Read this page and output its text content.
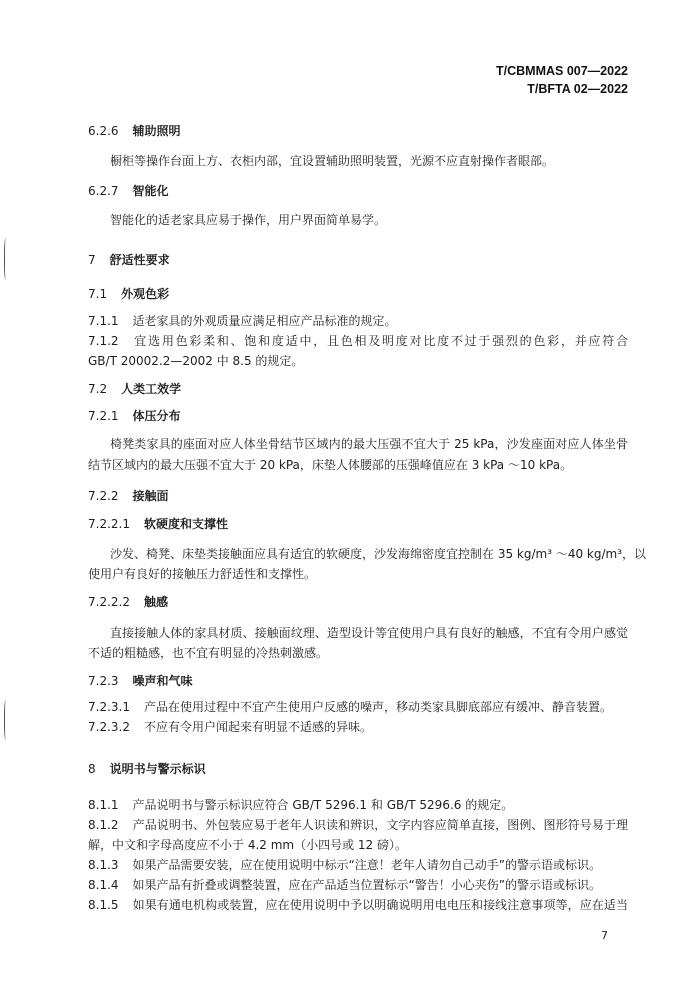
T/CBMMAS 007—2022
T/BFTA 02—2022
6.2.6 辅助照明
橱柜等操作台面上方、衣柜内部，宜设置辅助照明装置，光源不应直射操作者眼部。
6.2.7 智能化
智能化的适老家具应易于操作，用户界面简单易学。
7 舒适性要求
7.1 外观色彩
7.1.1 适老家具的外观质量应满足相应产品标准的规定。
7.1.2 宜选用色彩柔和、饱和度适中，且色相及明度对比度不过于强烈的色彩，并应符合
GB/T 20002.2—2002 中 8.5 的规定。
7.2 人类工效学
7.2.1 体压分布
椅凳类家具的座面对应人体坐骨结节区域内的最大压强不宜大于 25 kPa，沙发座面对应人体坐骨
结节区域内的最大压强不宜大于 20 kPa，床垫人体腰部的压强峰值应在 3 kPa ～10 kPa。
7.2.2 接触面
7.2.2.1 软硬度和支撑性
沙发、椅凳、床垫类接触面应具有适宜的软硬度，沙发海绵密度宜控制在 35 kg/m³ ～40 kg/m³，以
使用户有良好的接触压力舒适性和支撑性。
7.2.2.2 触感
直接接触人体的家具材质、接触面纹理、造型设计等宜使用户具有良好的触感，不宜有令用户感觉
不适的粗糙感，也不宜有明显的冷热刺激感。
7.2.3 噪声和气味
7.2.3.1 产品在使用过程中不宜产生使用户反感的噪声，移动类家具脚底部应有缓冲、静音装置。
7.2.3.2 不应有令用户闻起来有明显不适感的异味。
8 说明书与警示标识
8.1.1 产品说明书与警示标识应符合 GB/T 5296.1 和 GB/T 5296.6 的规定。
8.1.2 产品说明书、外包装应易于老年人识读和辨识，文字内容应简单直接，图例、图形符号易于理
解，中文和字母高度应不小于 4.2 mm（小四号或 12 磅）。
8.1.3 如果产品需要安装，应在使用说明中标示“注意！老年人请勿自己动手”的警示语或标识。
8.1.4 如果产品有折叠或调整装置，应在产品适当位置标示“警告！小心夹伤”的警示语或标识。
8.1.5 如果有通电机构或装置，应在使用说明中予以明确说明用电电压和接线注意事项等，应在适当
7
